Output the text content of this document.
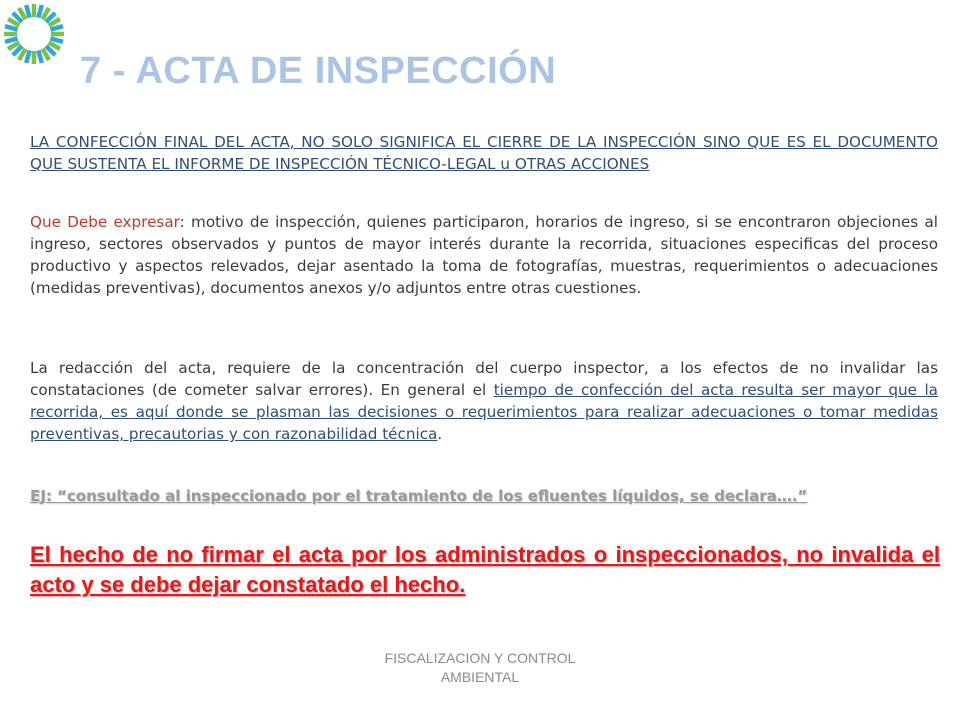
7 - ACTA DE INSPECCIÓN
LA CONFECCIÓN FINAL DEL ACTA, NO SOLO SIGNIFICA EL CIERRE DE LA INSPECCIÓN SINO QUE ES EL DOCUMENTO QUE SUSTENTA EL INFORME DE INSPECCIÓN TÉCNICO-LEGAL u OTRAS ACCIONES
Que Debe expresar: motivo de inspección, quienes participaron, horarios de ingreso, si se encontraron objeciones al ingreso, sectores observados y puntos de mayor interés durante la recorrida, situaciones especificas del proceso productivo y aspectos relevados, dejar asentado la toma de fotografías, muestras, requerimientos o adecuaciones (medidas preventivas), documentos anexos y/o adjuntos entre otras cuestiones.
La redacción del acta, requiere de la concentración del cuerpo inspector, a los efectos de no invalidar las constataciones (de cometer salvar errores). En general el tiempo de confección del acta resulta ser mayor que la recorrida, es aquí donde se plasman las decisiones o requerimientos para realizar adecuaciones o tomar medidas preventivas, precautorias y con razonabilidad técnica.
EJ: “consultado al inspeccionado por el tratamiento de los efluentes líquidos, se declara….”
El hecho de no firmar el acta por los administrados o inspeccionados, no invalida el acto y se debe dejar constatado el hecho.
FISCALIZACION Y CONTROL
AMBIENTAL
